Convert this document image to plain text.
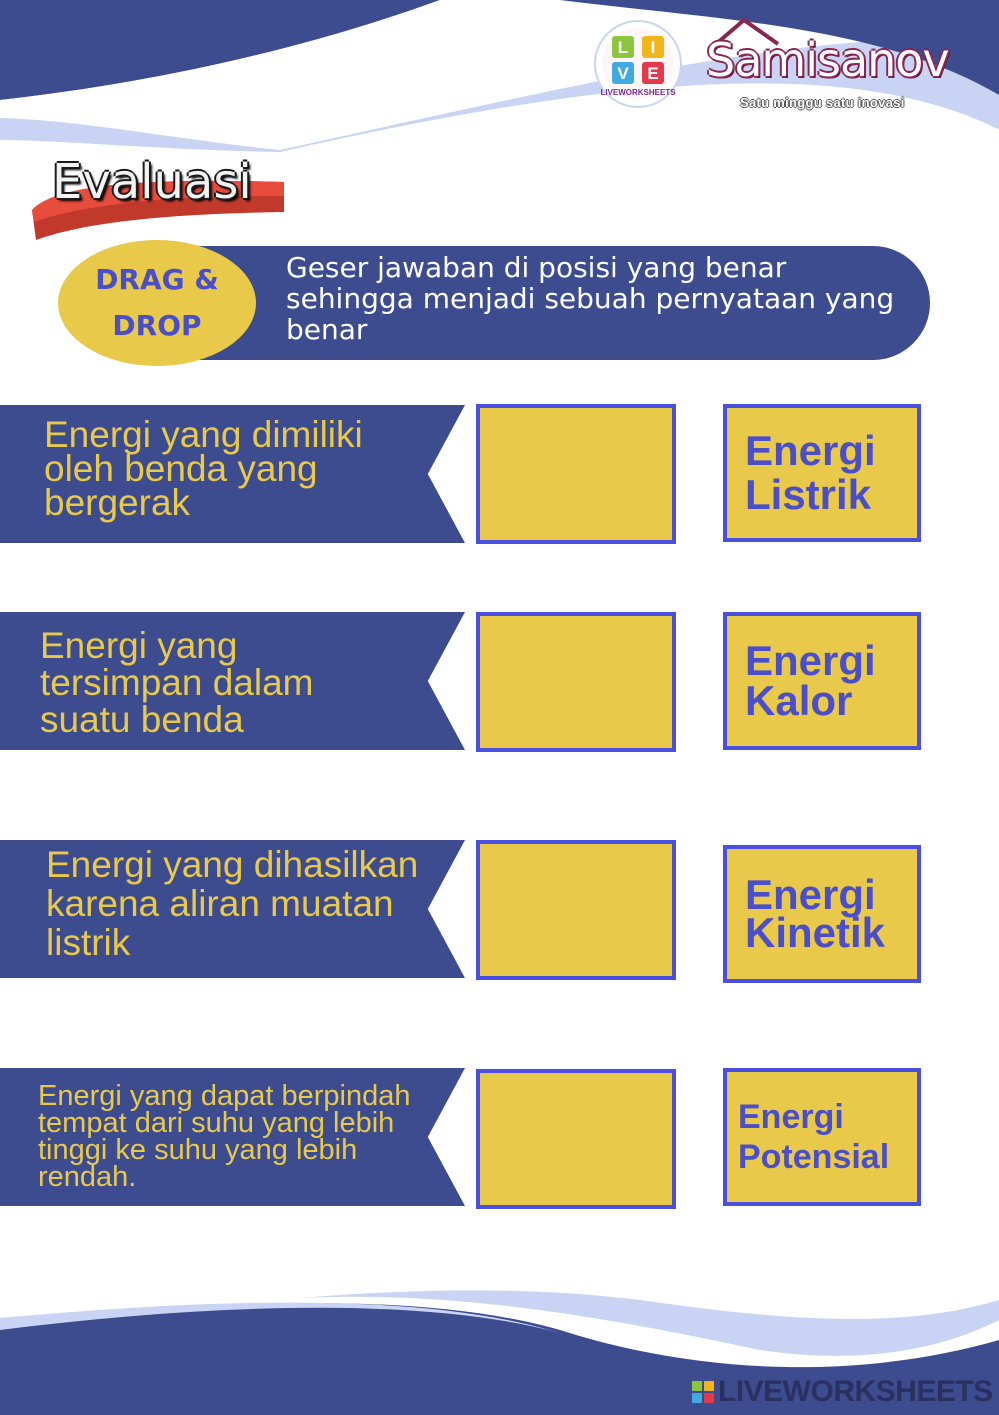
L I
V E
LIVEWORKSHEETS
Samisanov
Satu minggu satu inovasi
Evaluasi
DRAG &
DROP
Geser jawaban di posisi yang benar sehingga menjadi sebuah pernyataan yang benar
Energi yang dimiliki oleh benda yang bergerak
Energi Listrik
Energi yang tersimpan dalam suatu benda
Energi Kalor
Energi yang dihasilkan karena aliran muatan listrik
Energi Kinetik
Energi yang dapat berpindah tempat dari suhu yang lebih tinggi ke suhu yang lebih rendah.
Energi Potensial
LIVEWORKSHEETS
